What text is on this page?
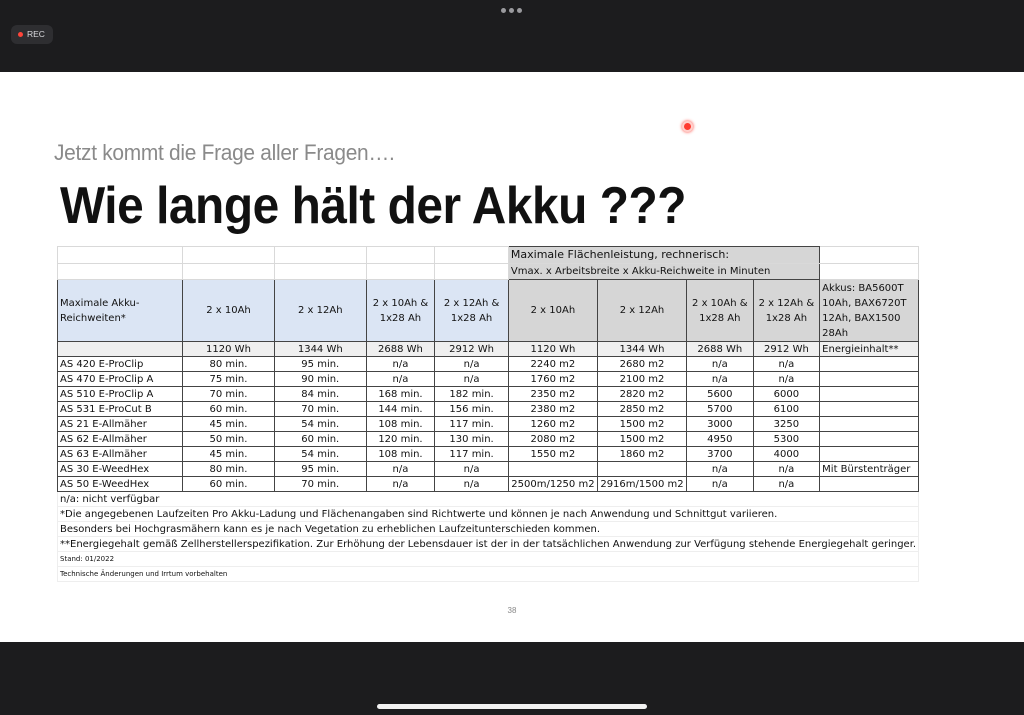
REC
Jetzt kommt die Frage aller Fragen….
Wie lange hält der Akku ???
					Maximale Flächenleistung, rechnerisch:				
					Vmax. x Arbeitsbreite x Akku-Reichweite in Minuten				
Maximale Akku-Reichweiten*	2 x 10Ah	2 x 12Ah	2 x 10Ah & 1x28 Ah	2 x 12Ah & 1x28 Ah	2 x 10Ah	2 x 12Ah	2 x 10Ah & 1x28 Ah	2 x 12Ah & 1x28 Ah	Akkus: BA5600T 10Ah, BAX6720T 12Ah, BAX1500 28Ah
	1120 Wh	1344 Wh	2688 Wh	2912 Wh	1120 Wh	1344 Wh	2688 Wh	2912 Wh	Energieinhalt**
AS 420 E-ProClip	80 min.	95 min.	n/a	n/a	2240 m2	2680 m2	n/a	n/a	
AS 470 E-ProClip A	75 min.	90 min.	n/a	n/a	1760 m2	2100 m2	n/a	n/a	
AS 510 E-ProClip A	70 min.	84 min.	168 min.	182 min.	2350 m2	2820 m2	5600	6000	
AS 531 E-ProCut B	60 min.	70 min.	144 min.	156 min.	2380 m2	2850 m2	5700	6100	
AS 21 E-Allmäher	45 min.	54 min.	108 min.	117 min.	1260 m2	1500 m2	3000	3250	
AS 62 E-Allmäher	50 min.	60 min.	120 min.	130 min.	2080 m2	1500 m2	4950	5300	
AS 63 E-Allmäher	45 min.	54 min.	108 min.	117 min.	1550 m2	1860 m2	3700	4000	
AS 30 E-WeedHex	80 min.	95 min.	n/a	n/a			n/a	n/a	Mit Bürstenträger
AS 50 E-WeedHex	60 min.	70 min.	n/a	n/a	2500m/1250 m2	2916m/1500 m2	n/a	n/a	
n/a: nicht verfügbar									
*Die angegebenen Laufzeiten Pro Akku-Ladung und Flächenangaben sind Richtwerte und können je nach Anwendung und Schnittgut variieren.									
Besonders bei Hochgrasmähern kann es je nach Vegetation zu erheblichen Laufzeitunterschieden kommen.									
**Energiegehalt gemäß Zellherstellerspezifikation. Zur Erhöhung der Lebensdauer ist der in der tatsächlichen Anwendung zur Verfügung stehende Energiegehalt geringer.									
Stand: 01/2022									
Technische Änderungen und Irrtum vorbehalten									
38
